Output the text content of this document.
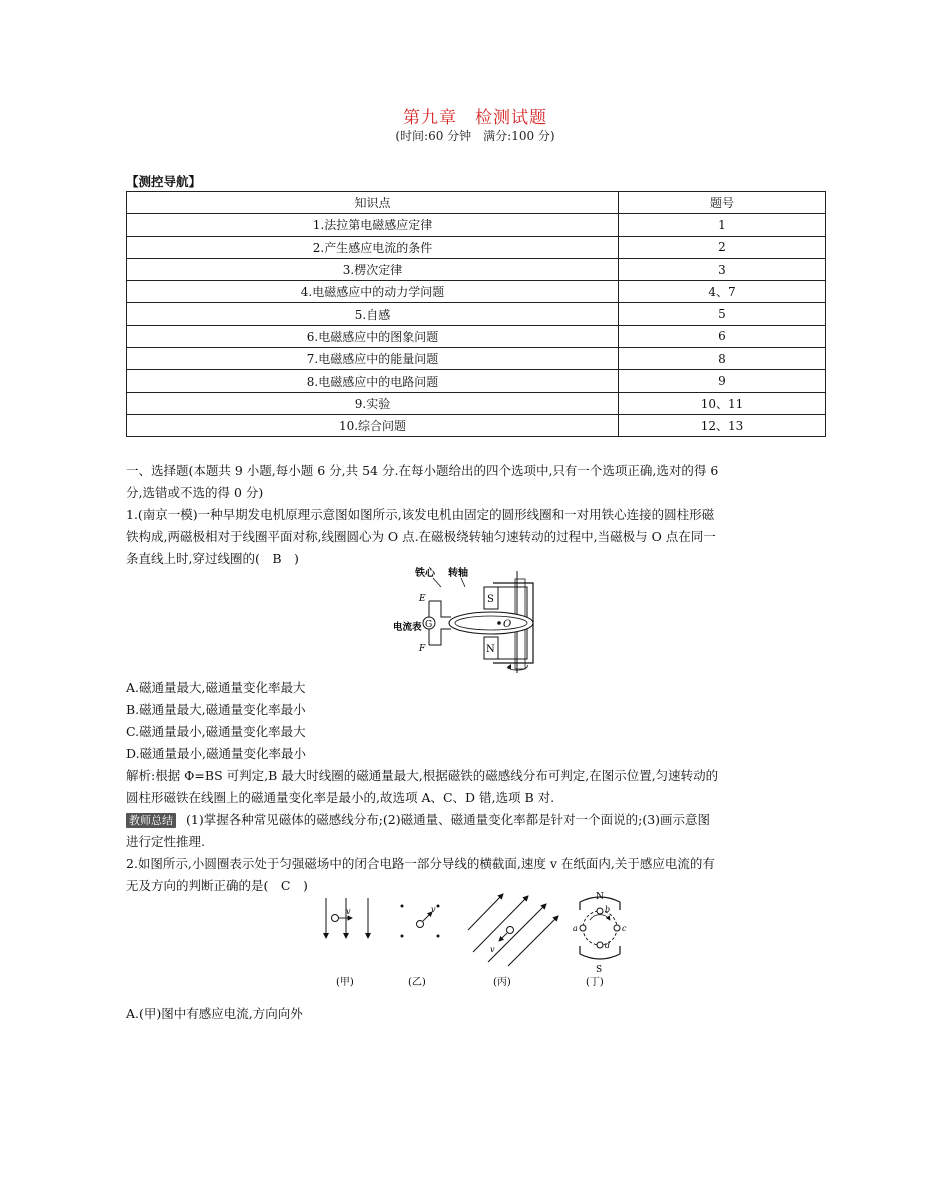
第九章　检测试题
(时间:60 分钟　满分:100 分)
【测控导航】
知识点	题号
1.法拉第电磁感应定律	1
2.产生感应电流的条件	2
3.楞次定律	3
4.电磁感应中的动力学问题	4、7
5.自感	5
6.电磁感应中的图象问题	6
7.电磁感应中的能量问题	8
8.电磁感应中的电路问题	9
9.实验	10、11
10.综合问题	12、13
一、选择题(本题共 9 小题,每小题 6 分,共 54 分.在每小题给出的四个选项中,只有一个选项正确,选对的得 6
分,选错或不选的得 0 分)
1.(南京一模)一种早期发电机原理示意图如图所示,该发电机由固定的圆形线圈和一对用铁心连接的圆柱形磁
铁构成,两磁极相对于线圈平面对称,线圈圆心为 O 点.在磁极绕转轴匀速转动的过程中,当磁极与 O 点在同一
条直线上时,穿过线圈的(　B　)
铁心 转轴
S
N
O
G
E
F
电流表
A.磁通量最大,磁通量变化率最大
B.磁通量最大,磁通量变化率最小
C.磁通量最小,磁通量变化率最大
D.磁通量最小,磁通量变化率最小
解析:根据 Φ=BS 可判定,B 最大时线圈的磁通量最大,根据磁铁的磁感线分布可判定,在图示位置,匀速转动的
圆柱形磁铁在线圈上的磁通量变化率是最小的,故选项 A、C、D 错,选项 B 对.
教师总结 (1)掌握各种常见磁体的磁感线分布;(2)磁通量、磁通量变化率都是针对一个面说的;(3)画示意图
进行定性推理.
2.如图所示,小圆圈表示处于匀强磁场中的闭合电路一部分导线的横截面,速度 v 在纸面内,关于感应电流的有
无及方向的判断正确的是(　C　)
v	v
v
N
S
a
b
c
d
(甲)	(乙)	(丙)	(丁)
A.(甲)图中有感应电流,方向向外
